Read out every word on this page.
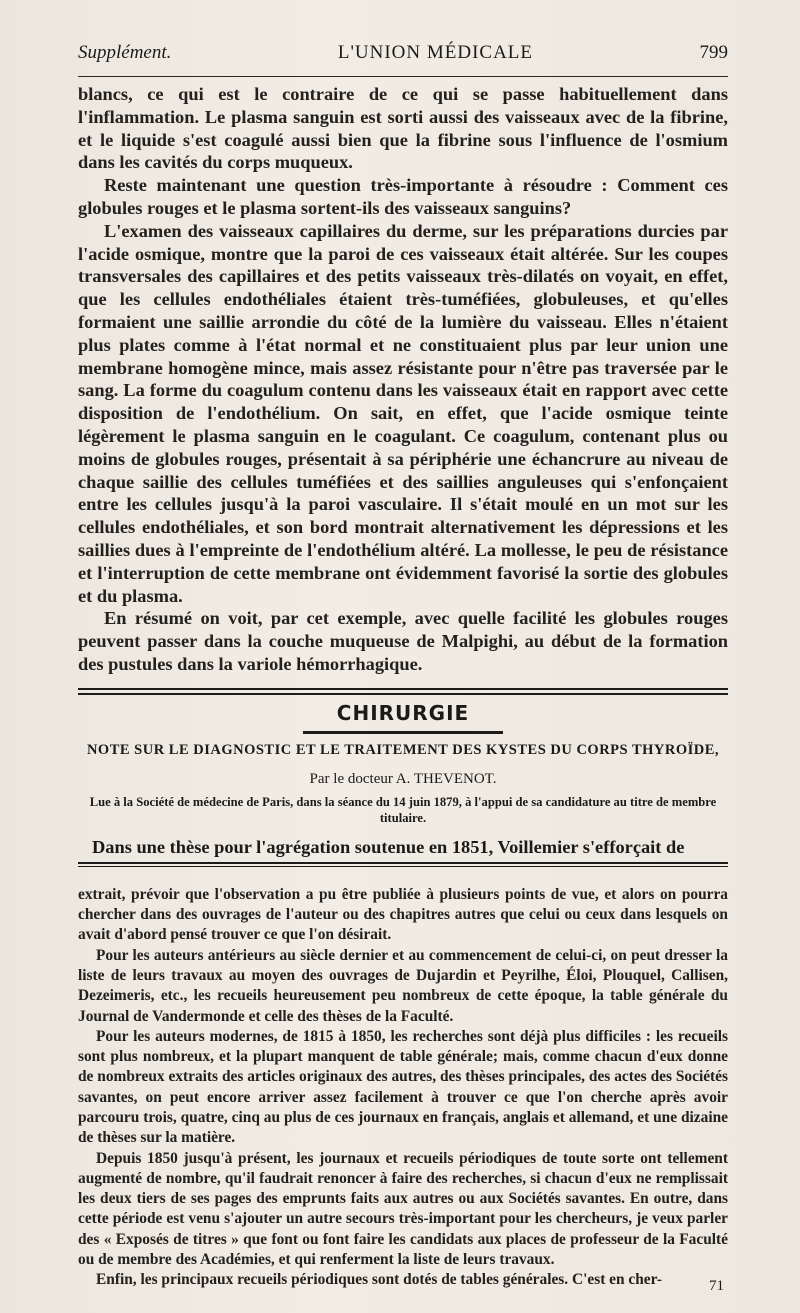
Supplément.	L'UNION MÉDICALE	799

blancs, ce qui est le contraire de ce qui se passe habituellement dans l'inflammation. Le plasma sanguin est sorti aussi des vaisseaux avec de la fibrine, et le liquide s'est coagulé aussi bien que la fibrine sous l'influence de l'osmium dans les cavités du corps muqueux.

Reste maintenant une question très-importante à résoudre : Comment ces globules rouges et le plasma sortent-ils des vaisseaux sanguins?

L'examen des vaisseaux capillaires du derme, sur les préparations durcies par l'acide osmique, montre que la paroi de ces vaisseaux était altérée. Sur les coupes transversales des capillaires et des petits vaisseaux très-dilatés on voyait, en effet, que les cellules endothéliales étaient très-tuméfiées, globuleuses, et qu'elles formaient une saillie arrondie du côté de la lumière du vaisseau. Elles n'étaient plus plates comme à l'état normal et ne constituaient plus par leur union une membrane homogène mince, mais assez résistante pour n'être pas traversée par le sang. La forme du coagulum contenu dans les vaisseaux était en rapport avec cette disposition de l'endothélium. On sait, en effet, que l'acide osmique teinte légèrement le plasma sanguin en le coagulant. Ce coagulum, contenant plus ou moins de globules rouges, présentait à sa périphérie une échancrure au niveau de chaque saillie des cellules tuméfiées et des saillies anguleuses qui s'enfonçaient entre les cellules jusqu'à la paroi vasculaire. Il s'était moulé en un mot sur les cellules endothéliales, et son bord montrait alternativement les dépressions et les saillies dues à l'empreinte de l'endothélium altéré. La mollesse, le peu de résistance et l'interruption de cette membrane ont évidemment favorisé la sortie des globules et du plasma.

En résumé on voit, par cet exemple, avec quelle facilité les globules rouges peuvent passer dans la couche muqueuse de Malpighi, au début de la formation des pustules dans la variole hémorrhagique.

CHIRURGIE
NOTE SUR LE DIAGNOSTIC ET LE TRAITEMENT DES KYSTES DU CORPS THYROÏDE,
Par le docteur A. THEVENOT.
Lue à la Société de médecine de Paris, dans la séance du 14 juin 1879, à l'appui de sa candidature au titre de membre titulaire.

Dans une thèse pour l'agrégation soutenue en 1851, Voillemier s'efforçait de

extrait, prévoir que l'observation a pu être publiée à plusieurs points de vue, et alors on pourra chercher dans des ouvrages de l'auteur ou des chapitres autres que celui ou ceux dans lesquels on avait d'abord pensé trouver ce que l'on désirait.

Pour les auteurs antérieurs au siècle dernier et au commencement de celui-ci, on peut dresser la liste de leurs travaux au moyen des ouvrages de Dujardin et Peyrilhe, Éloi, Plouquel, Callisen, Dezeimeris, etc., les recueils heureusement peu nombreux de cette époque, la table générale du Journal de Vandermonde et celle des thèses de la Faculté.

Pour les auteurs modernes, de 1815 à 1850, les recherches sont déjà plus difficiles : les recueils sont plus nombreux, et la plupart manquent de table générale; mais, comme chacun d'eux donne de nombreux extraits des articles originaux des autres, des thèses principales, des actes des Sociétés savantes, on peut encore arriver assez facilement à trouver ce que l'on cherche après avoir parcouru trois, quatre, cinq au plus de ces journaux en français, anglais et allemand, et une dizaine de thèses sur la matière.

Depuis 1850 jusqu'à présent, les journaux et recueils périodiques de toute sorte ont tellement augmenté de nombre, qu'il faudrait renoncer à faire des recherches, si chacun d'eux ne remplissait les deux tiers de ses pages des emprunts faits aux autres ou aux Sociétés savantes. En outre, dans cette période est venu s'ajouter un autre secours très-important pour les chercheurs, je veux parler des « Exposés de titres » que font ou font faire les candidats aux places de professeur de la Faculté ou de membre des Académies, et qui renferment la liste de leurs travaux.

Enfin, les principaux recueils périodiques sont dotés de tables générales. C'est en cher-	71
